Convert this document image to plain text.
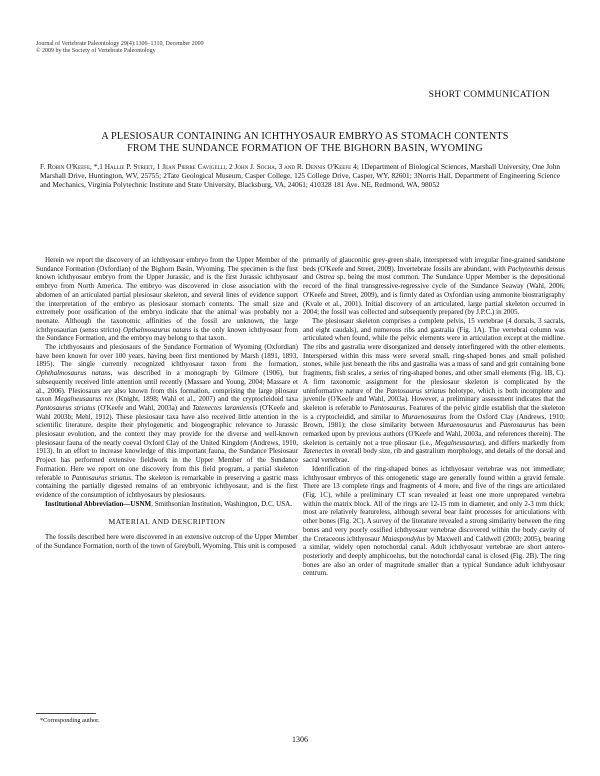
Journal of Vertebrate Paleontology 29(4):1306–1310, December 2009
© 2009 by the Society of Vertebrate Paleontology
SHORT COMMUNICATION
A PLESIOSAUR CONTAINING AN ICHTHYOSAUR EMBRYO AS STOMACH CONTENTS
FROM THE SUNDANCE FORMATION OF THE BIGHORN BASIN, WYOMING
F. Robin O'Keefe, *,1 Hallie P. Street, 1 Jean Pierre Cavigelli, 2 John J. Socha, 3 and R. Dennis O'Keefe 4; 1Department of Biological Sciences, Marshall University, One John Marshall Drive, Huntington, WV, 25755; 2Tate Geological Museum, Casper College, 125 College Drive, Casper, WY, 82601; 3Norris Hall, Department of Engineering Science and Mechanics, Virginia Polytechnic Institute and State University, Blacksburg, VA, 24061; 410328 181 Ave. NE, Redmond, WA, 98052

Herein we report the discovery of an ichthyosaur embryo from the Upper Member of the Sundance Formation (Oxfordian) of the Bighorn Basin, Wyoming. The specimen is the first known ichthyosaur embryo from the Upper Jurassic, and is the first Jurassic ichthyosaur embryo from North America. The embryo was discovered in close association with the abdomen of an articulated partial plesiosaur skeleton, and several lines of evidence support the interpretation of the embryo as plesiosaur stomach contents. The small size and extremely poor ossification of the embryo indicate that the animal was probably not a neonate. Although the taxonomic affinities of the fossil are unknown, the large ichthyosaurian (sensu stricto) Opthalmosaurus natans is the only known ichthyosaur from the Sundance Formation, and the embryo may belong to that taxon.

The ichthyosaurs and plesiosaurs of the Sundance Formation of Wyoming (Oxfordian) have been known for over 100 years, having been first mentioned by Marsh (1891, 1893, 1895). The single currently recognized ichthyosaur taxon from the formation, Ophthalmosaurus natans, was described in a monograph by Gilmore (1906), but subsequently received little attention until recently (Massare and Young, 2004; Massare et al., 2006). Plesiosaurs are also known from this formation, comprising the large pliosaur taxon Megalneusaurus rex (Knight, 1898; Wahl et al., 2007) and the cryptocleidoid taxa Pantosaurus striatus (O'Keefe and Wahl, 2003a) and Tatenectes laramiensis (O'Keefe and Wahl 2003b; Mehl, 1912). These plesiosaur taxa have also received little attention in the scientific literature, despite their phylogenetic and biogeographic relevance to Jurassic plesiosaur evolution, and the context they may provide for the diverse and well-known plesiosaur fauna of the nearly coeval Oxford Clay of the United Kingdom (Andrews, 1910, 1913). In an effort to increase knowledge of this important fauna, the Sundance Plesiosaur Project has performed extensive fieldwork in the Upper Member of the Sundance Formation. Here we report on one discovery from this field program, a partial skeleton referable to Pantosaurus striatus. The skeleton is remarkable in preserving a gastric mass containing the partially digested remains of an embryonic ichthyosaur, and is the first evidence of the consumption of ichthyosaurs by plesiosaurs.

Institutional Abbreviation—USNM, Smithsonian Institution, Washington, D.C. USA.

MATERIAL AND DESCRIPTION

The fossils described here were discovered in an extensive outcrop of the Upper Member of the Sundance Formation, north of the town of Greybull, Wyoming. This unit is composed

primarily of glauconitic grey-green shale, interspersed with irregular fine-grained sandstone beds (O'Keefe and Street, 2009). Invertebrate fossils are abundant, with Pachyteuthis densus and Ostrea sp. being the most common. The Sundance Upper Member is the depositional record of the final transgressive-regressive cycle of the Sundance Seaway (Wahl, 2006; O'Keefe and Street, 2009), and is firmly dated as Oxfordian using ammonite biostratigraphy (Kvale et al., 2001). Initial discovery of an articulated, large partial skeleton occurred in 2004; the fossil was collected and subsequently prepared (by J.P.C.) in 2005.

The plesiosaur skeleton comprises a complete pelvis, 15 vertebrae (4 dorsals, 3 sacrals, and eight caudals), and numerous ribs and gastralia (Fig. 1A). The vertebral column was articulated when found, while the pelvic elements were in articulation except at the midline. The ribs and gastralia were disorganized and densely interfingered with the other elements. Interspersed within this mass were several small, ring-shaped bones and small polished stones, while just beneath the ribs and gastralia was a mass of sand and grit containing bone fragments, fish scales, a series of ring-shaped bones, and other small elements (Fig. 1B, C). A firm taxonomic assignment for the plesiosaur skeleton is complicated by the uninformative nature of the Pantosaurus striatus holotype, which is both incomplete and juvenile (O'Keefe and Wahl, 2003a). However, a preliminary assessment indicates that the skeleton is referable to Pantosaurus. Features of the pelvic girdle establish that the skeleton is a cryptocleidid, and similar to Muraenosaurus from the Oxford Clay (Andrews, 1910; Brown, 1981); the close similarity between Muraenosaurus and Pantosaurus has been remarked upon by previous authors (O'Keefe and Wahl, 2003a, and references therein). The skeleton is certainly not a true pliosaur (i.e., Megalneusaurus), and differs markedly from Tatenectes in overall body size, rib and gastralium morphology, and details of the dorsal and sacral vertebrae.

Identification of the ring-shaped bones as ichthyosaur vertebrae was not immediate; ichthyosaur embryos of this ontogenetic stage are generally found within a gravid female. There are 13 complete rings and fragments of 4 more, and five of the rings are articulated (Fig. 1C), while a preliminary CT scan revealed at least one more unprepared vertebra within the matrix block. All of the rings are 12-15 mm in diameter, and only 2-3 mm thick; most are relatively featureless, although several bear faint processes for articulations with other bones (Fig. 2C). A survey of the literature revealed a strong similarity between the ring bones and very poorly ossified ichthyosaur vertebrae discovered within the body cavity of the Cretaceous ichthyosaur Maiaspondylus by Maxwell and Caldwell (2003; 2005), bearing a similar, widely open notochordal canal. Adult ichthyosaur vertebrae are short antero-posteriorly and deeply amphicoelus, but the notochordal canal is closed (Fig. 2B). The ring bones are also an order of magnitude smaller than a typical Sundance adult ichthyosaur centrum.

*Corresponding author.
1306
